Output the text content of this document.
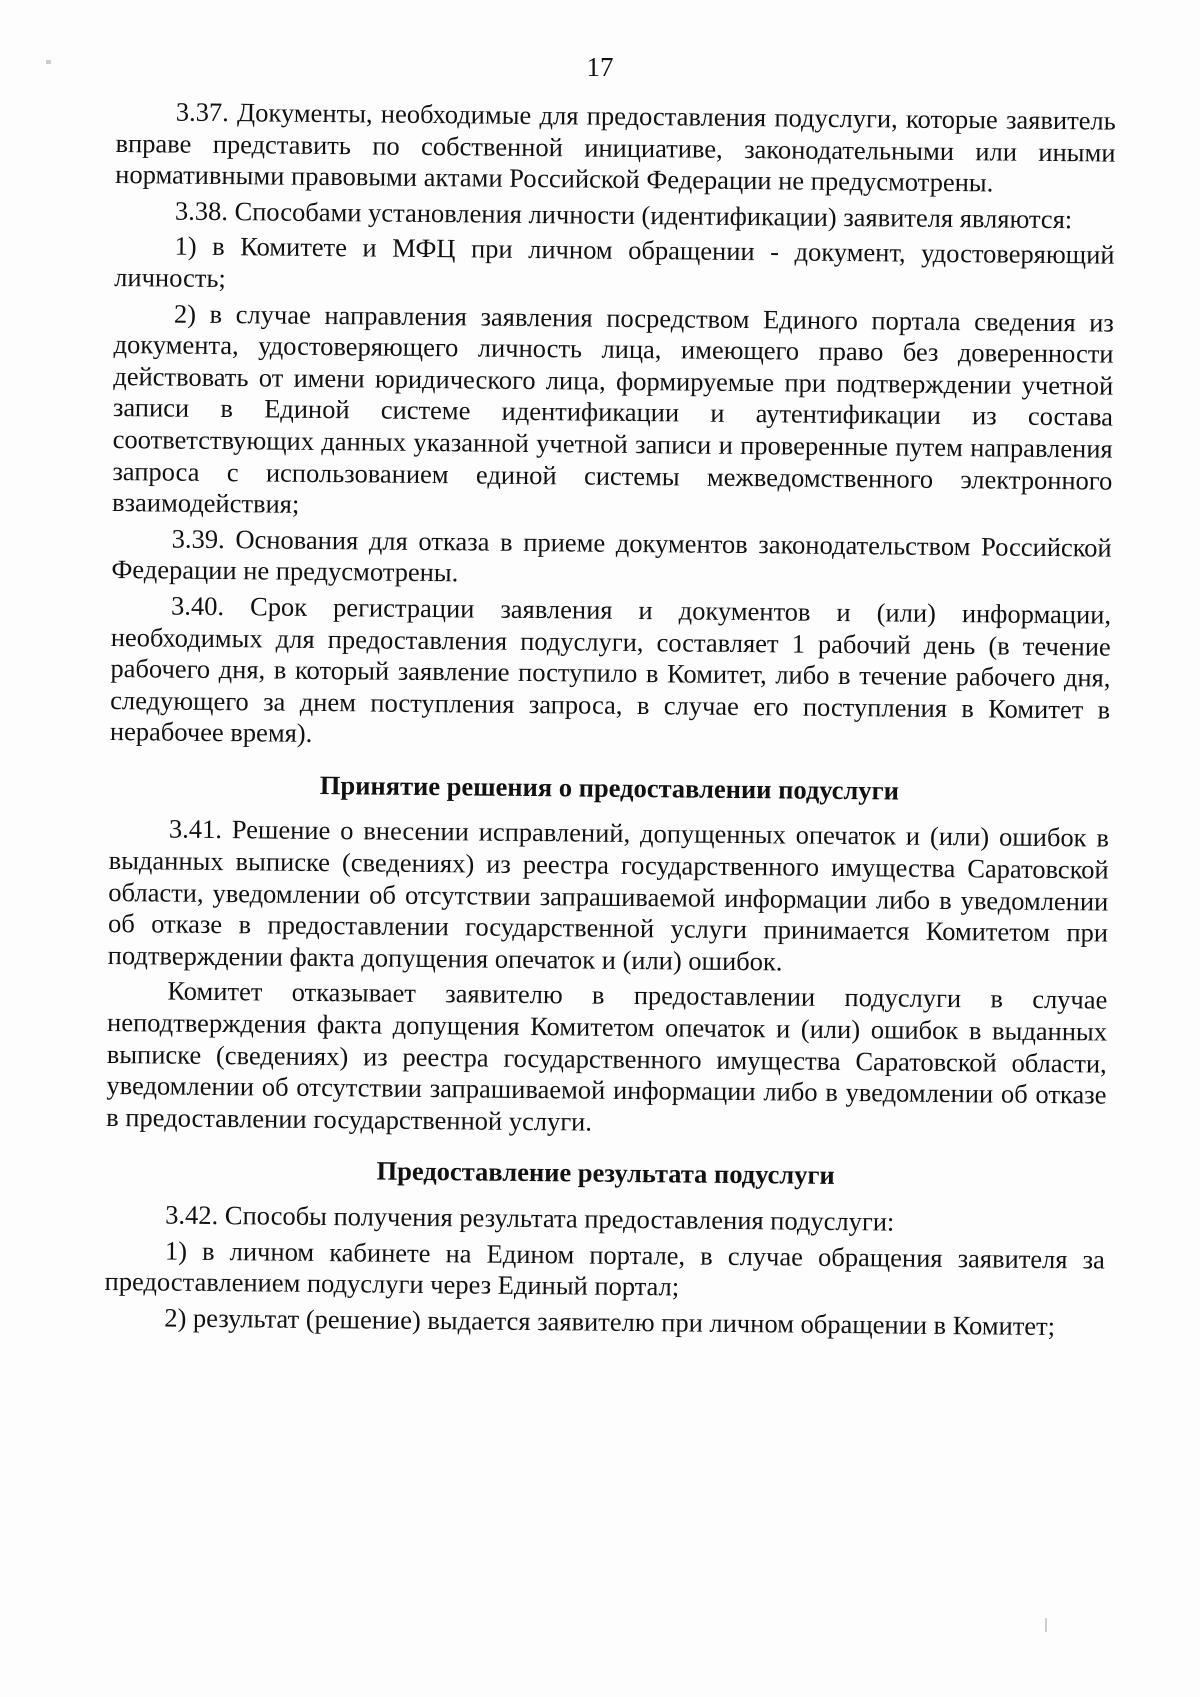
17

3.37. Документы, необходимые для предоставления подуслуги, которые заявитель вправе представить по собственной инициативе, законодательными или иными нормативными правовыми актами Российской Федерации не предусмотрены.

3.38. Способами установления личности (идентификации) заявителя являются:

1) в Комитете и МФЦ при личном обращении - документ, удостоверяющий личность;

2) в случае направления заявления посредством Единого портала сведения из документа, удостоверяющего личность лица, имеющего право без доверенности действовать от имени юридического лица, формируемые при подтверждении учетной записи в Единой системе идентификации и аутентификации из состава соответствующих данных указанной учетной записи и проверенные путем направления запроса с использованием единой системы межведомственного электронного взаимодействия;

3.39. Основания для отказа в приеме документов законодательством Российской Федерации не предусмотрены.

3.40. Срок регистрации заявления и документов и (или) информации, необходимых для предоставления подуслуги, составляет 1 рабочий день (в течение рабочего дня, в который заявление поступило в Комитет, либо в течение рабочего дня, следующего за днем поступления запроса, в случае его поступления в Комитет в нерабочее время).

Принятие решения о предоставлении подуслуги

3.41. Решение о внесении исправлений, допущенных опечаток и (или) ошибок в выданных выписке (сведениях) из реестра государственного имущества Саратовской области, уведомлении об отсутствии запрашиваемой информации либо в уведомлении об отказе в предоставлении государственной услуги принимается Комитетом при подтверждении факта допущения опечаток и (или) ошибок.

Комитет отказывает заявителю в предоставлении подуслуги в случае неподтверждения факта допущения Комитетом опечаток и (или) ошибок в выданных выписке (сведениях) из реестра государственного имущества Саратовской области, уведомлении об отсутствии запрашиваемой информации либо в уведомлении об отказе в предоставлении государственной услуги.

Предоставление результата подуслуги

3.42. Способы получения результата предоставления подуслуги:

1) в личном кабинете на Едином портале, в случае обращения заявителя за предоставлением подуслуги через Единый портал;

2) результат (решение) выдается заявителю при личном обращении в Комитет;
